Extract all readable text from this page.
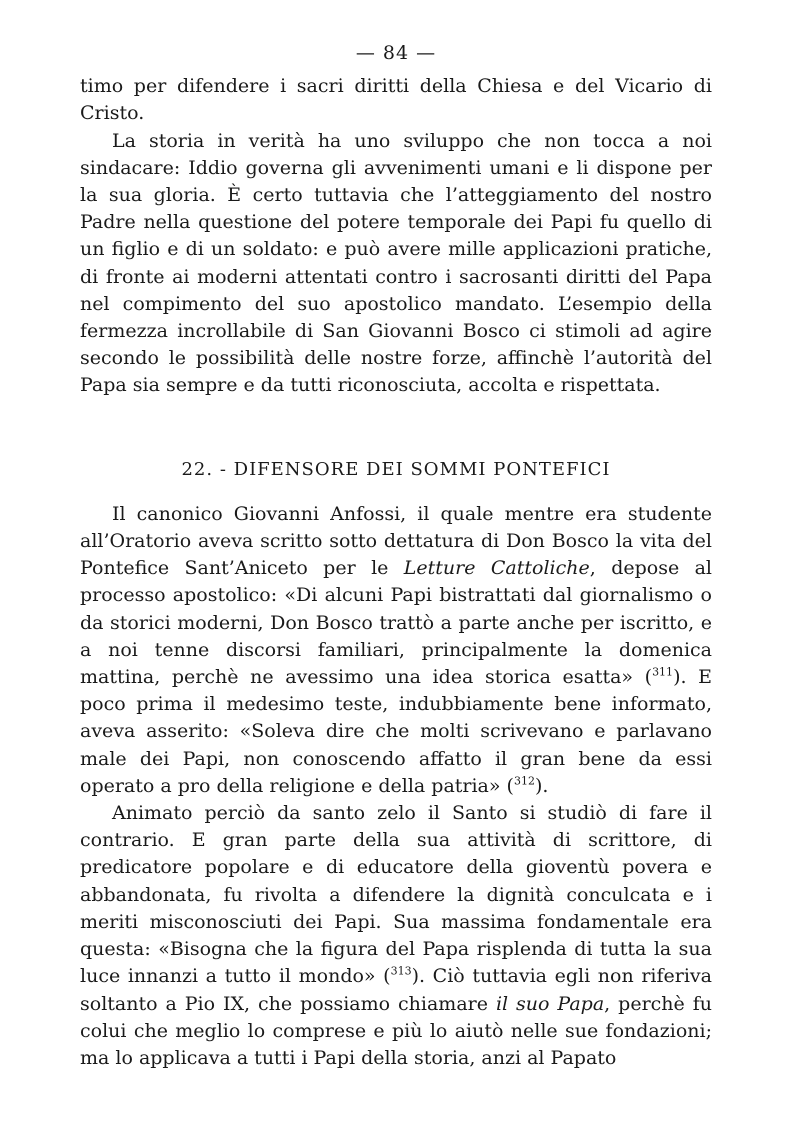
— 84 —

timo per difendere i sacri diritti della Chiesa e del Vicario di Cristo.

La storia in verità ha uno sviluppo che non tocca a noi sindacare: Iddio governa gli avvenimenti umani e li dispone per la sua gloria. È certo tuttavia che l’atteggiamento del nostro Padre nella questione del potere temporale dei Papi fu quello di un figlio e di un soldato: e può avere mille applicazioni pratiche, di fronte ai moderni attentati contro i sacrosanti diritti del Papa nel compimento del suo apostolico mandato. L’esempio della fermezza incrollabile di San Giovanni Bosco ci stimoli ad agire secondo le possibilità delle nostre forze, affinchè l’autorità del Papa sia sempre e da tutti riconosciuta, accolta e rispettata.

22. - DIFENSORE DEI SOMMI PONTEFICI

Il canonico Giovanni Anfossi, il quale mentre era studente all’Oratorio aveva scritto sotto dettatura di Don Bosco la vita del Pontefice Sant’Aniceto per le Letture Cattoliche, depose al processo apostolico: «Di alcuni Papi bistrattati dal giornalismo o da storici moderni, Don Bosco trattò a parte anche per iscritto, e a noi tenne discorsi familiari, principalmente la domenica mattina, perchè ne avessimo una idea storica esatta» ($^{311}$). E poco prima il medesimo teste, indubbiamente bene informato, aveva asserito: «Soleva dire che molti scrivevano e parlavano male dei Papi, non conoscendo affatto il gran bene da essi operato a pro della religione e della patria» ($^{312}$).

Animato perciò da santo zelo il Santo si studiò di fare il contrario. E gran parte della sua attività di scrittore, di predicatore popolare e di educatore della gioventù povera e abbandonata, fu rivolta a difendere la dignità conculcata e i meriti misconosciuti dei Papi. Sua massima fondamentale era questa: «Bisogna che la figura del Papa risplenda di tutta la sua luce innanzi a tutto il mondo» ($^{313}$). Ciò tuttavia egli non riferiva soltanto a Pio IX, che possiamo chiamare il suo Papa, perchè fu colui che meglio lo comprese e più lo aiutò nelle sue fondazioni; ma lo applicava a tutti i Papi della storia, anzi al Papato
